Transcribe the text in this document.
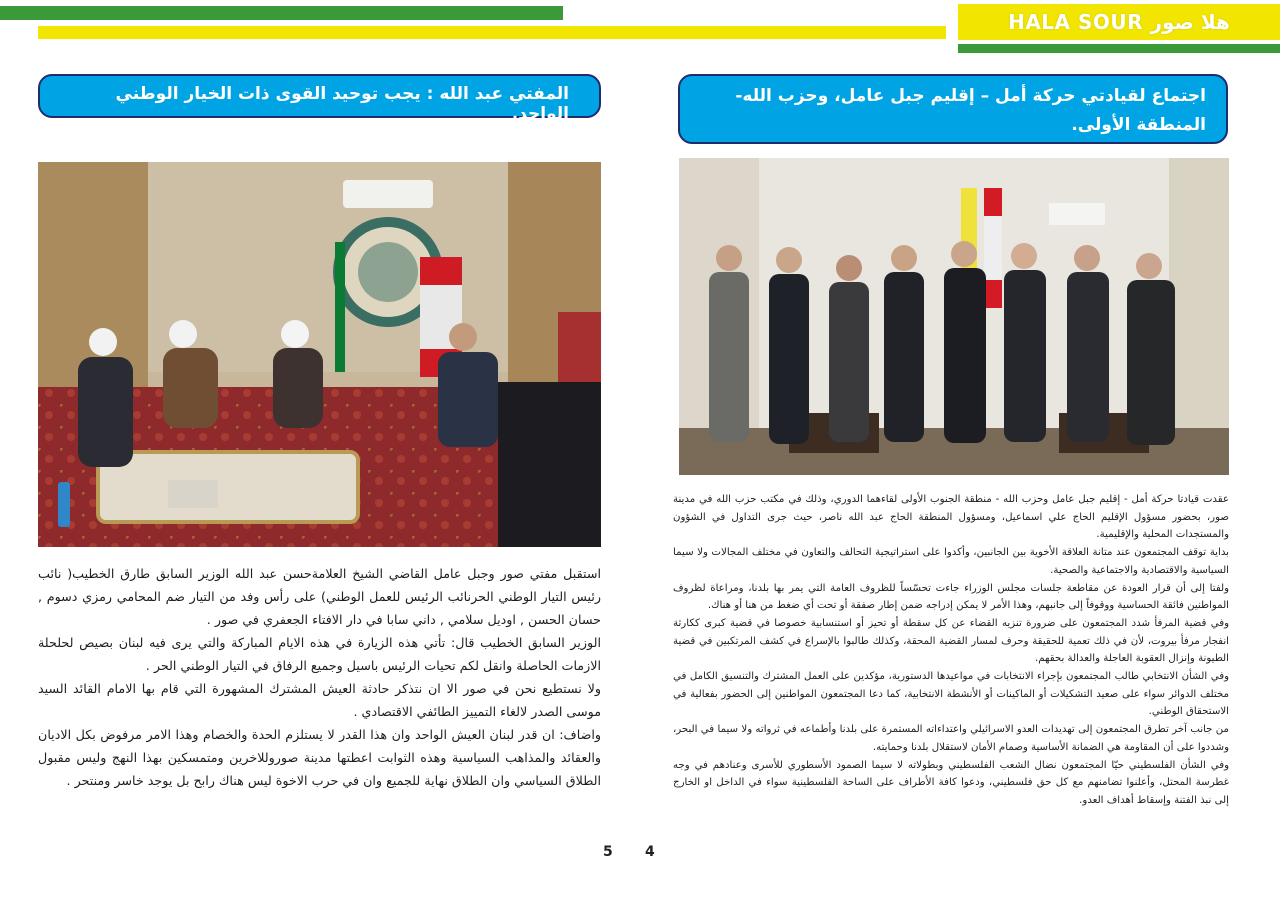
HALA SOUR هلا صور
المفتي عبد الله : يجب توحيد القوى ذات الخيار الوطني الواحد.

استقبل مفتي صور وجبل عامل القاضي الشيخ العلامةحسن عبد الله الوزير السابق طارق الخطيب( نائب رئيس التيار الوطني الحرنائب الرئيس للعمل الوطني) على رأس وفد من التيار ضم المحامي رمزي دسوم , حسان الحسن , اوديل سلامي , داني سابا في دار الافتاء الجعفري في صور .

الوزير السابق الخطيب قال: تأتي هذه الزيارة في هذه الايام المباركة والتي يرى فيه لبنان بصيص لحلحلة الازمات الحاصلة وانقل لكم تحيات الرئيس باسيل وجميع الرفاق في التيار الوطني الحر .

ولا نستطيع نحن في صور الا ان نتذكر حادثة العيش المشترك المشهورة التي قام بها الامام القائد السيد موسى الصدر لالغاء التمييز الطائفي الاقتصادي .

واضاف: ان قدر لبنان العيش الواحد وان هذا القدر لا يستلزم الحدة والخصام وهذا الامر مرفوض بكل الاديان والعقائد والمذاهب السياسية وهذه الثوابت اعطتها مدينة صوروللاخرين ومتمسكين بهذا النهج وليس مقبول الطلاق السياسي وان الطلاق نهاية للجميع وان في حرب الاخوة ليس هناك رابح بل يوجد خاسر ومنتحر .

اجتماع لقيادتي حركة أمل – إقليم جبل عامل، وحزب الله- المنطقة الأولى.

عقدت قيادتا حركة أمل - إقليم جبل عامل وحزب الله - منطقة الجنوب الأولى لقاءهما الدوري، وذلك في مكتب حزب الله في مدينة صور، بحضور مسؤول الإقليم الحاج علي اسماعيل، ومسؤول المنطقة الحاج عبد الله ناصر، حيث جرى التداول في الشؤون والمستجدات المحلية والإقليمية.

بداية توقف المجتمعون عند متانة العلاقة الأخوية بين الجانبين، وأكدوا على استراتيجية التحالف والتعاون في مختلف المجالات ولا سيما السياسية والاقتصادية والاجتماعية والصحية.

ولفتا إلى أن قرار العودة عن مقاطعة جلسات مجلس الوزراء جاءت تحسّساً للظروف العامة التي يمر بها بلدنا، ومراعاة لظروف المواطنين فائقة الحساسية ووقوفاً إلى جانبهم، وهذا الأمر لا يمكن إدراجه ضمن إطار صفقة أو تحت أي ضغط من هنا أو هناك.

وفي قضية المرفأ شدد المجتمعون على ضرورة تنزيه القضاء عن كل سقطة أو تحيز أو استنسابية خصوصا في قضية كبرى ككارثة انفجار مرفأ بيروت، لأن في ذلك تعمية للحقيقة وحرف لمسار القضية المحقة، وكذلك طالبوا بالإسراع في كشف المرتكبين في قضية الطيونة وإنزال العقوبة العاجلة والعدالة بحقهم.

وفي الشأن الانتخابي طالب المجتمعون بإجراء الانتخابات في مواعيدها الدستورية، مؤكدين على العمل المشترك والتنسيق الكامل في مختلف الدوائر سواء على صعيد التشكيلات أو الماكينات أو الأنشطة الانتخابية، كما دعا المجتمعون المواطنين إلى الحضور بفعالية في الاستحقاق الوطني.

من جانب آخر تطرق المجتمعون إلى تهديدات العدو الاسرائيلي واعتداءاته المستمرة على بلدنا وأطماعه في ثرواته ولا سيما في البحر، وشددوا على أن المقاومة هي الضمانة الأساسية وصمام الأمان لاستقلال بلدنا وحمايته.

وفي الشأن الفلسطيني حيّا المجتمعون نضال الشعب الفلسطيني وبطولاته لا سيما الصمود الأسطوري للأسرى وعنادهم في وجه غطرسة المحتل، وأعلنوا تضامنهم مع كل حق فلسطيني، ودعوا كافة الأطراف على الساحة الفلسطينية سواء في الداخل او الخارج إلى نبذ الفتنة وإسقاط أهداف العدو.

5 4
